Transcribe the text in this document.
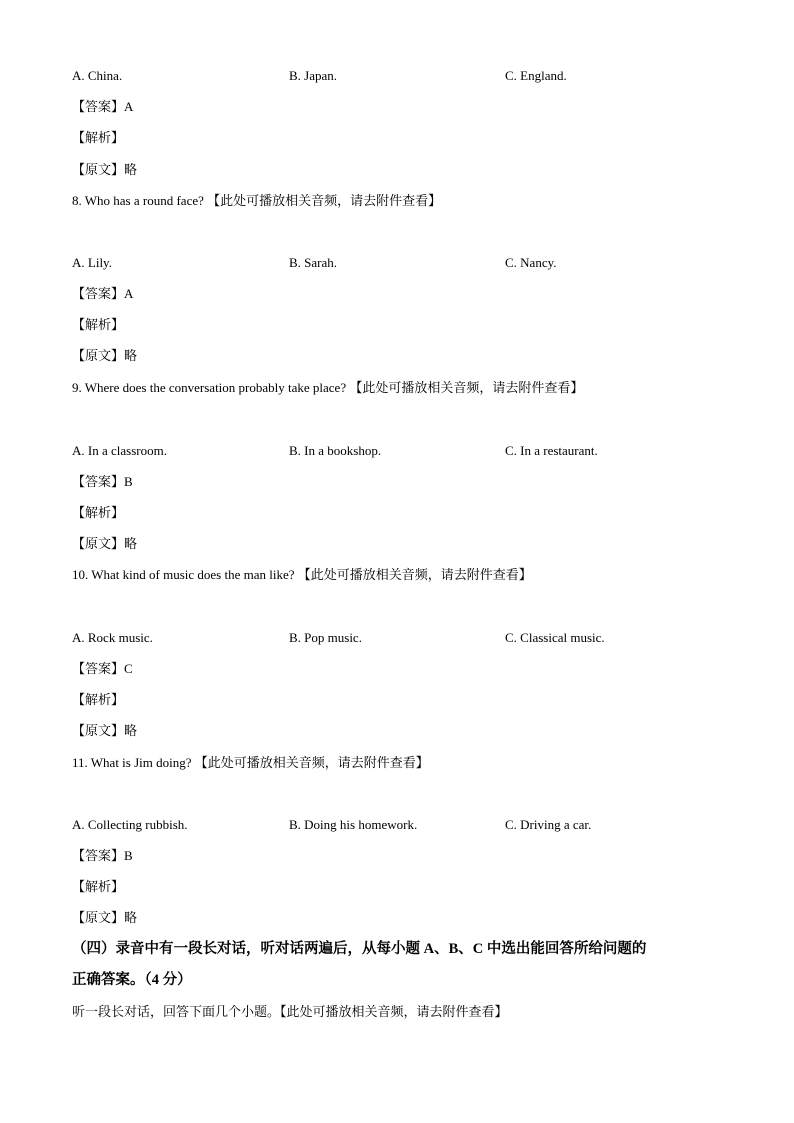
A. China.	B. Japan.	C. England.
【答案】A
【解析】
【原文】略
8. Who has a round face? 【此处可播放相关音频，请去附件查看】
A. Lily.	B. Sarah.	C. Nancy.
【答案】A
【解析】
【原文】略
9. Where does the conversation probably take place? 【此处可播放相关音频，请去附件查看】
A. In a classroom.	B. In a bookshop.	C. In a restaurant.
【答案】B
【解析】
【原文】略
10. What kind of music does the man like? 【此处可播放相关音频，请去附件查看】
A. Rock music.	B. Pop music.	C. Classical music.
【答案】C
【解析】
【原文】略
11. What is Jim doing? 【此处可播放相关音频，请去附件查看】
A. Collecting rubbish.	B. Doing his homework.	C. Driving a car.
【答案】B
【解析】
【原文】略
（四）录音中有一段长对话，听对话两遍后，从每小题 A、B、C 中选出能回答所给问题的
正确答案。（4 分）
听一段长对话，回答下面几个小题。【此处可播放相关音频，请去附件查看】
